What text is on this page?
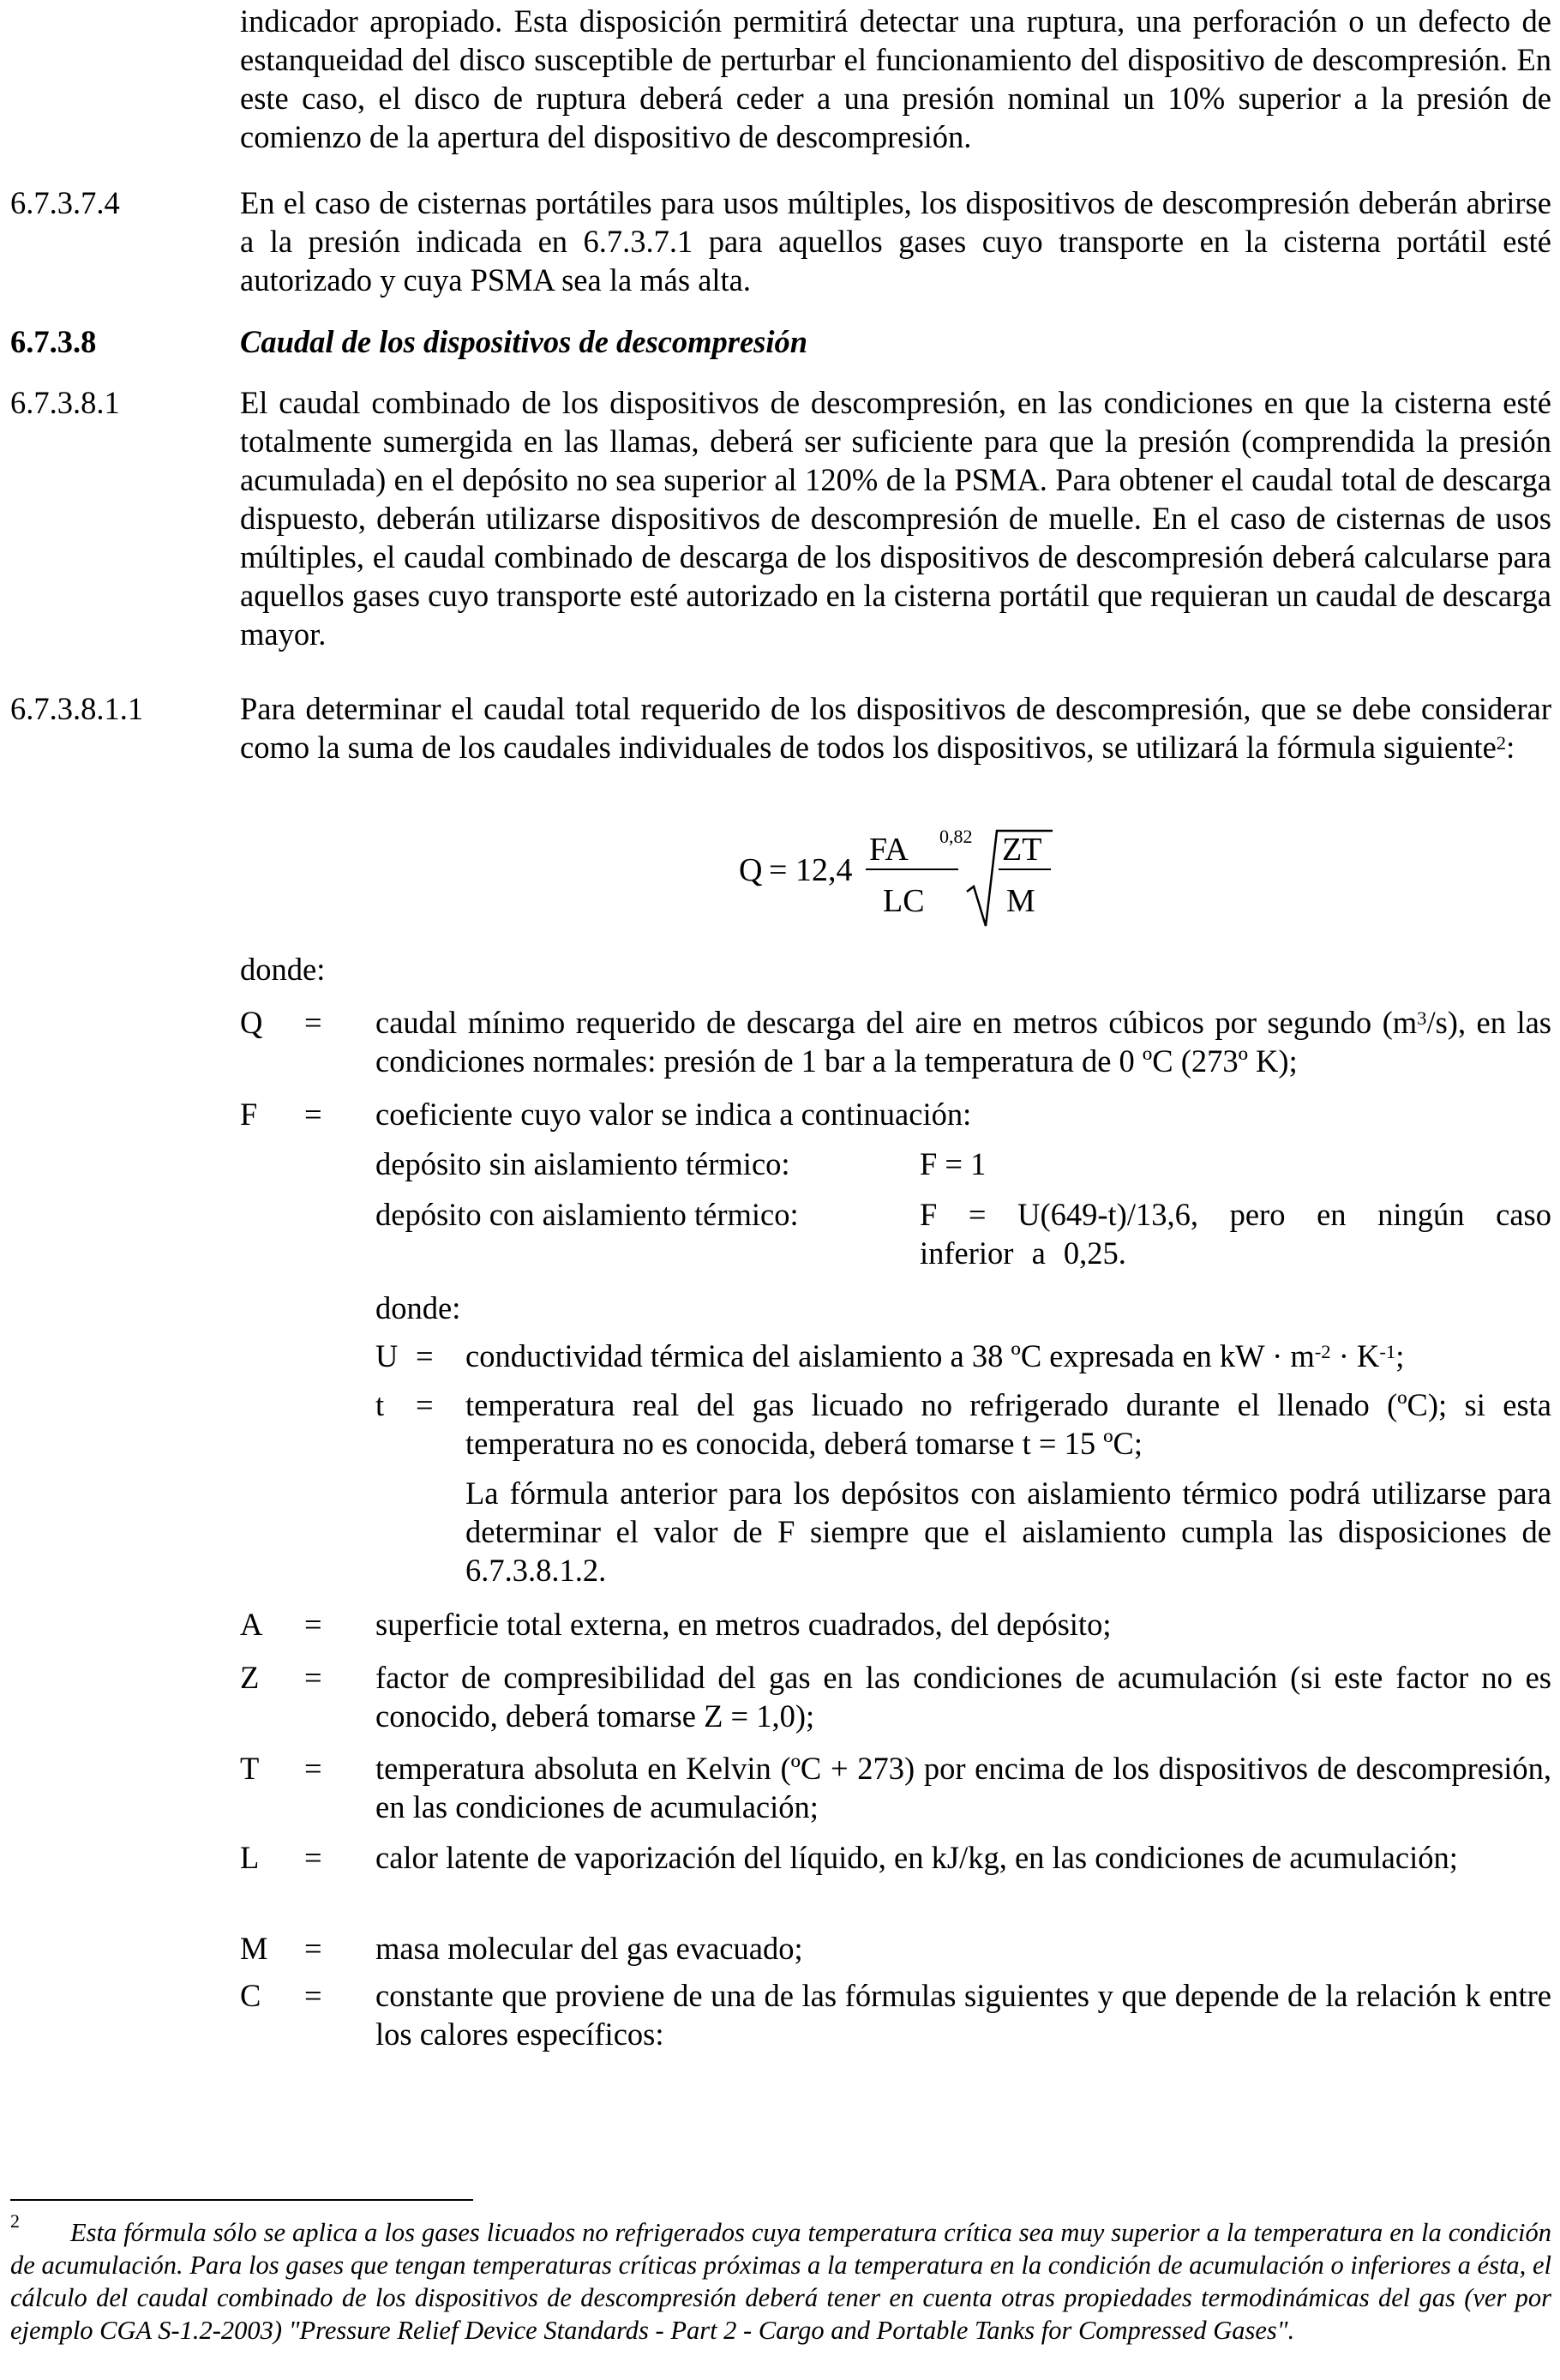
indicador apropiado. Esta disposición permitirá detectar una ruptura, una perforación o un defecto de estanqueidad del disco susceptible de perturbar el funcionamiento del dispositivo de descompresión. En este caso, el disco de ruptura deberá ceder a una presión nominal un 10% superior a la presión de comienzo de la apertura del dispositivo de descompresión.
6.7.3.7.4	En el caso de cisternas portátiles para usos múltiples, los dispositivos de descompresión deberán abrirse a la presión indicada en 6.7.3.7.1 para aquellos gases cuyo transporte en la cisterna portátil esté autorizado y cuya PSMA sea la más alta.
6.7.3.8	Caudal de los dispositivos de descompresión
6.7.3.8.1	El caudal combinado de los dispositivos de descompresión, en las condiciones en que la cisterna esté totalmente sumergida en las llamas, deberá ser suficiente para que la presión (comprendida la presión acumulada) en el depósito no sea superior al 120% de la PSMA. Para obtener el caudal total de descarga dispuesto, deberán utilizarse dispositivos de descompresión de muelle. En el caso de cisternas de usos múltiples, el caudal combinado de descarga de los dispositivos de descompresión deberá calcularse para aquellos gases cuyo transporte esté autorizado en la cisterna portátil que requieran un caudal de descarga mayor.
6.7.3.8.1.1	Para determinar el caudal total requerido de los dispositivos de descompresión, que se debe considerar como la suma de los caudales individuales de todos los dispositivos, se utilizará la fórmula siguiente$^2$:
Q = 12,4
FA 0,82
LC
ZT
M
donde:
Q = caudal mínimo requerido de descarga del aire en metros cúbicos por segundo $(m^3/s)$, en las condiciones normales: presión de 1 bar a la temperatura de 0 ºC (273º K);
F = coeficiente cuyo valor se indica a continuación:
depósito sin aislamiento térmico:	F = 1
depósito con aislamiento térmico:	F = U(649-t)/13,6, pero en ningún caso inferior a 0,25.
donde:
U = conductividad térmica del aislamiento a 38 ºC expresada en kW · $m^{-2} \cdot K^{-1}$;
t = temperatura real del gas licuado no refrigerado durante el llenado (ºC); si esta temperatura no es conocida, deberá tomarse t = 15 ºC;
La fórmula anterior para los depósitos con aislamiento térmico podrá utilizarse para determinar el valor de F siempre que el aislamiento cumpla las disposiciones de 6.7.3.8.1.2.
A = superficie total externa, en metros cuadrados, del depósito;
Z = factor de compresibilidad del gas en las condiciones de acumulación (si este factor no es conocido, deberá tomarse Z = 1,0);
T = temperatura absoluta en Kelvin (ºC + 273) por encima de los dispositivos de descompresión, en las condiciones de acumulación;
L = calor latente de vaporización del líquido, en kJ/kg, en las condiciones de acumulación;
M = masa molecular del gas evacuado;
C = constante que proviene de una de las fórmulas siguientes y que depende de la relación k entre los calores específicos:
2	Esta fórmula sólo se aplica a los gases licuados no refrigerados cuya temperatura crítica sea muy superior a la temperatura en la condición de acumulación. Para los gases que tengan temperaturas críticas próximas a la temperatura en la condición de acumulación o inferiores a ésta, el cálculo del caudal combinado de los dispositivos de descompresión deberá tener en cuenta otras propiedades termodinámicas del gas (ver por ejemplo CGA S-1.2-2003) "Pressure Relief Device Standards - Part 2 - Cargo and Portable Tanks for Compressed Gases".
